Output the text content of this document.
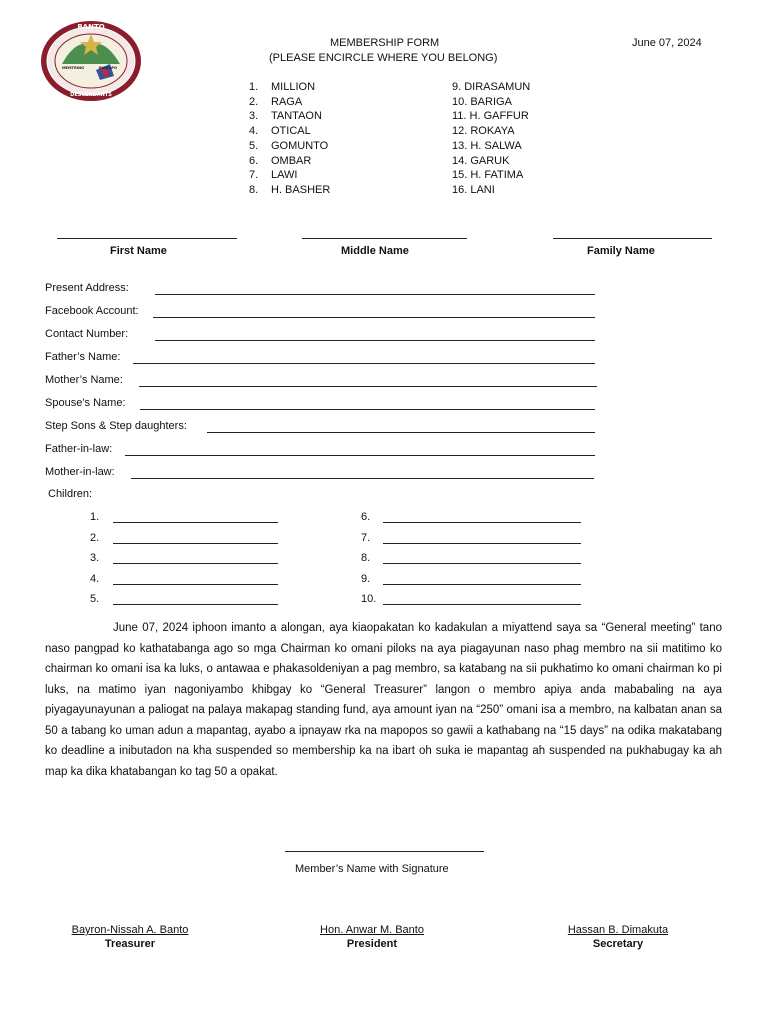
BANTO
MEMTRING	PIAGAPO
DESCENDANTS
MEMBERSHIP FORM
(PLEASE ENCIRCLE WHERE YOU BELONG)
June 07, 2024
1. MILLION
2. RAGA
3. TANTAON
4. OTICAL
5. GOMUNTO
6. OMBAR
7. LAWI
8. H. BASHER
9. DIRASAMUN
10. BARIGA
11. H. GAFFUR
12. ROKAYA
13. H. SALWA
14. GARUK
15. H. FATIMA
16. LANI
First Name	Middle Name	Family Name
Present Address:
Facebook Account:
Contact Number:
Father’s Name:
Mother’s Name:
Spouse’s Name:
Step Sons & Step daughters:
Father-in-law:
Mother-in-law:
Children:
1.
2.
3.
4.
5.
6.
7.
8.
9.
10.
June 07, 2024 iphoon imanto a alongan, aya kiaopakatan ko kadakulan a miyattend saya sa “General meeting” tano naso pangpad ko kathatabanga ago so mga Chairman ko omani piloks na aya piagayunan naso phag membro na sii matitimo ko chairman ko omani isa ka luks, o antawaa e phakasoldeniyan a pag membro, sa katabang na sii pukhatimo ko omani chairman ko pi luks, na matimo iyan nagoniyambo khibgay ko “General Treasurer” langon o membro apiya anda mababaling na aya piyagayunayunan a paliogat na palaya makapag standing fund, aya amount iyan na “250” omani isa a membro, na kalbatan anan sa 50 a tabang ko uman adun a mapantag, ayabo a ipnayaw rka na mapopos so gawii a kathabang na “15 days” na odika makatabang ko deadline a inibutadon na kha suspended so membership ka na ibart oh suka ie mapantag ah suspended na pukhabugay ka ah map ka dika khatabangan ko tag 50 a opakat.
Member’s Name with Signature
Bayron-Nissah A. Banto
Treasurer
Hon. Anwar M. Banto
President
Hassan B. Dimakuta
Secretary
